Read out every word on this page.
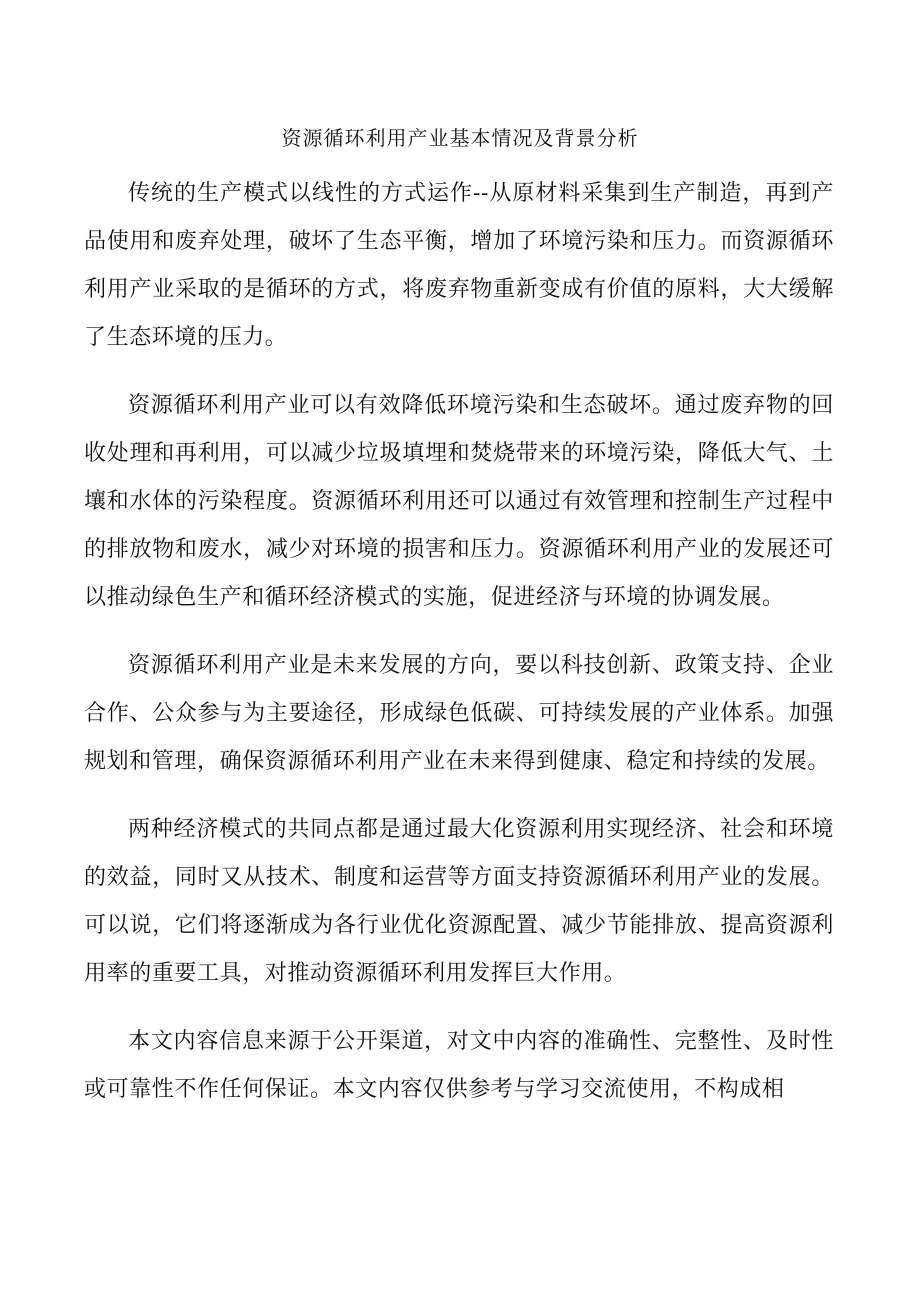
资源循环利用产业基本情况及背景分析

传统的生产模式以线性的方式运作--从原材料采集到生产制造，再到产品使用和废弃处理，破坏了生态平衡，增加了环境污染和压力。而资源循环利用产业采取的是循环的方式，将废弃物重新变成有价值的原料，大大缓解了生态环境的压力。

资源循环利用产业可以有效降低环境污染和生态破坏。通过废弃物的回收处理和再利用，可以减少垃圾填埋和焚烧带来的环境污染，降低大气、土壤和水体的污染程度。资源循环利用还可以通过有效管理和控制生产过程中的排放物和废水，减少对环境的损害和压力。资源循环利用产业的发展还可以推动绿色生产和循环经济模式的实施，促进经济与环境的协调发展。

资源循环利用产业是未来发展的方向，要以科技创新、政策支持、企业合作、公众参与为主要途径，形成绿色低碳、可持续发展的产业体系。加强规划和管理，确保资源循环利用产业在未来得到健康、稳定和持续的发展。

两种经济模式的共同点都是通过最大化资源利用实现经济、社会和环境的效益，同时又从技术、制度和运营等方面支持资源循环利用产业的发展。可以说，它们将逐渐成为各行业优化资源配置、减少节能排放、提高资源利用率的重要工具，对推动资源循环利用发挥巨大作用。

本文内容信息来源于公开渠道，对文中内容的准确性、完整性、及时性或可靠性不作任何保证。本文内容仅供参考与学习交流使用，不构成相
